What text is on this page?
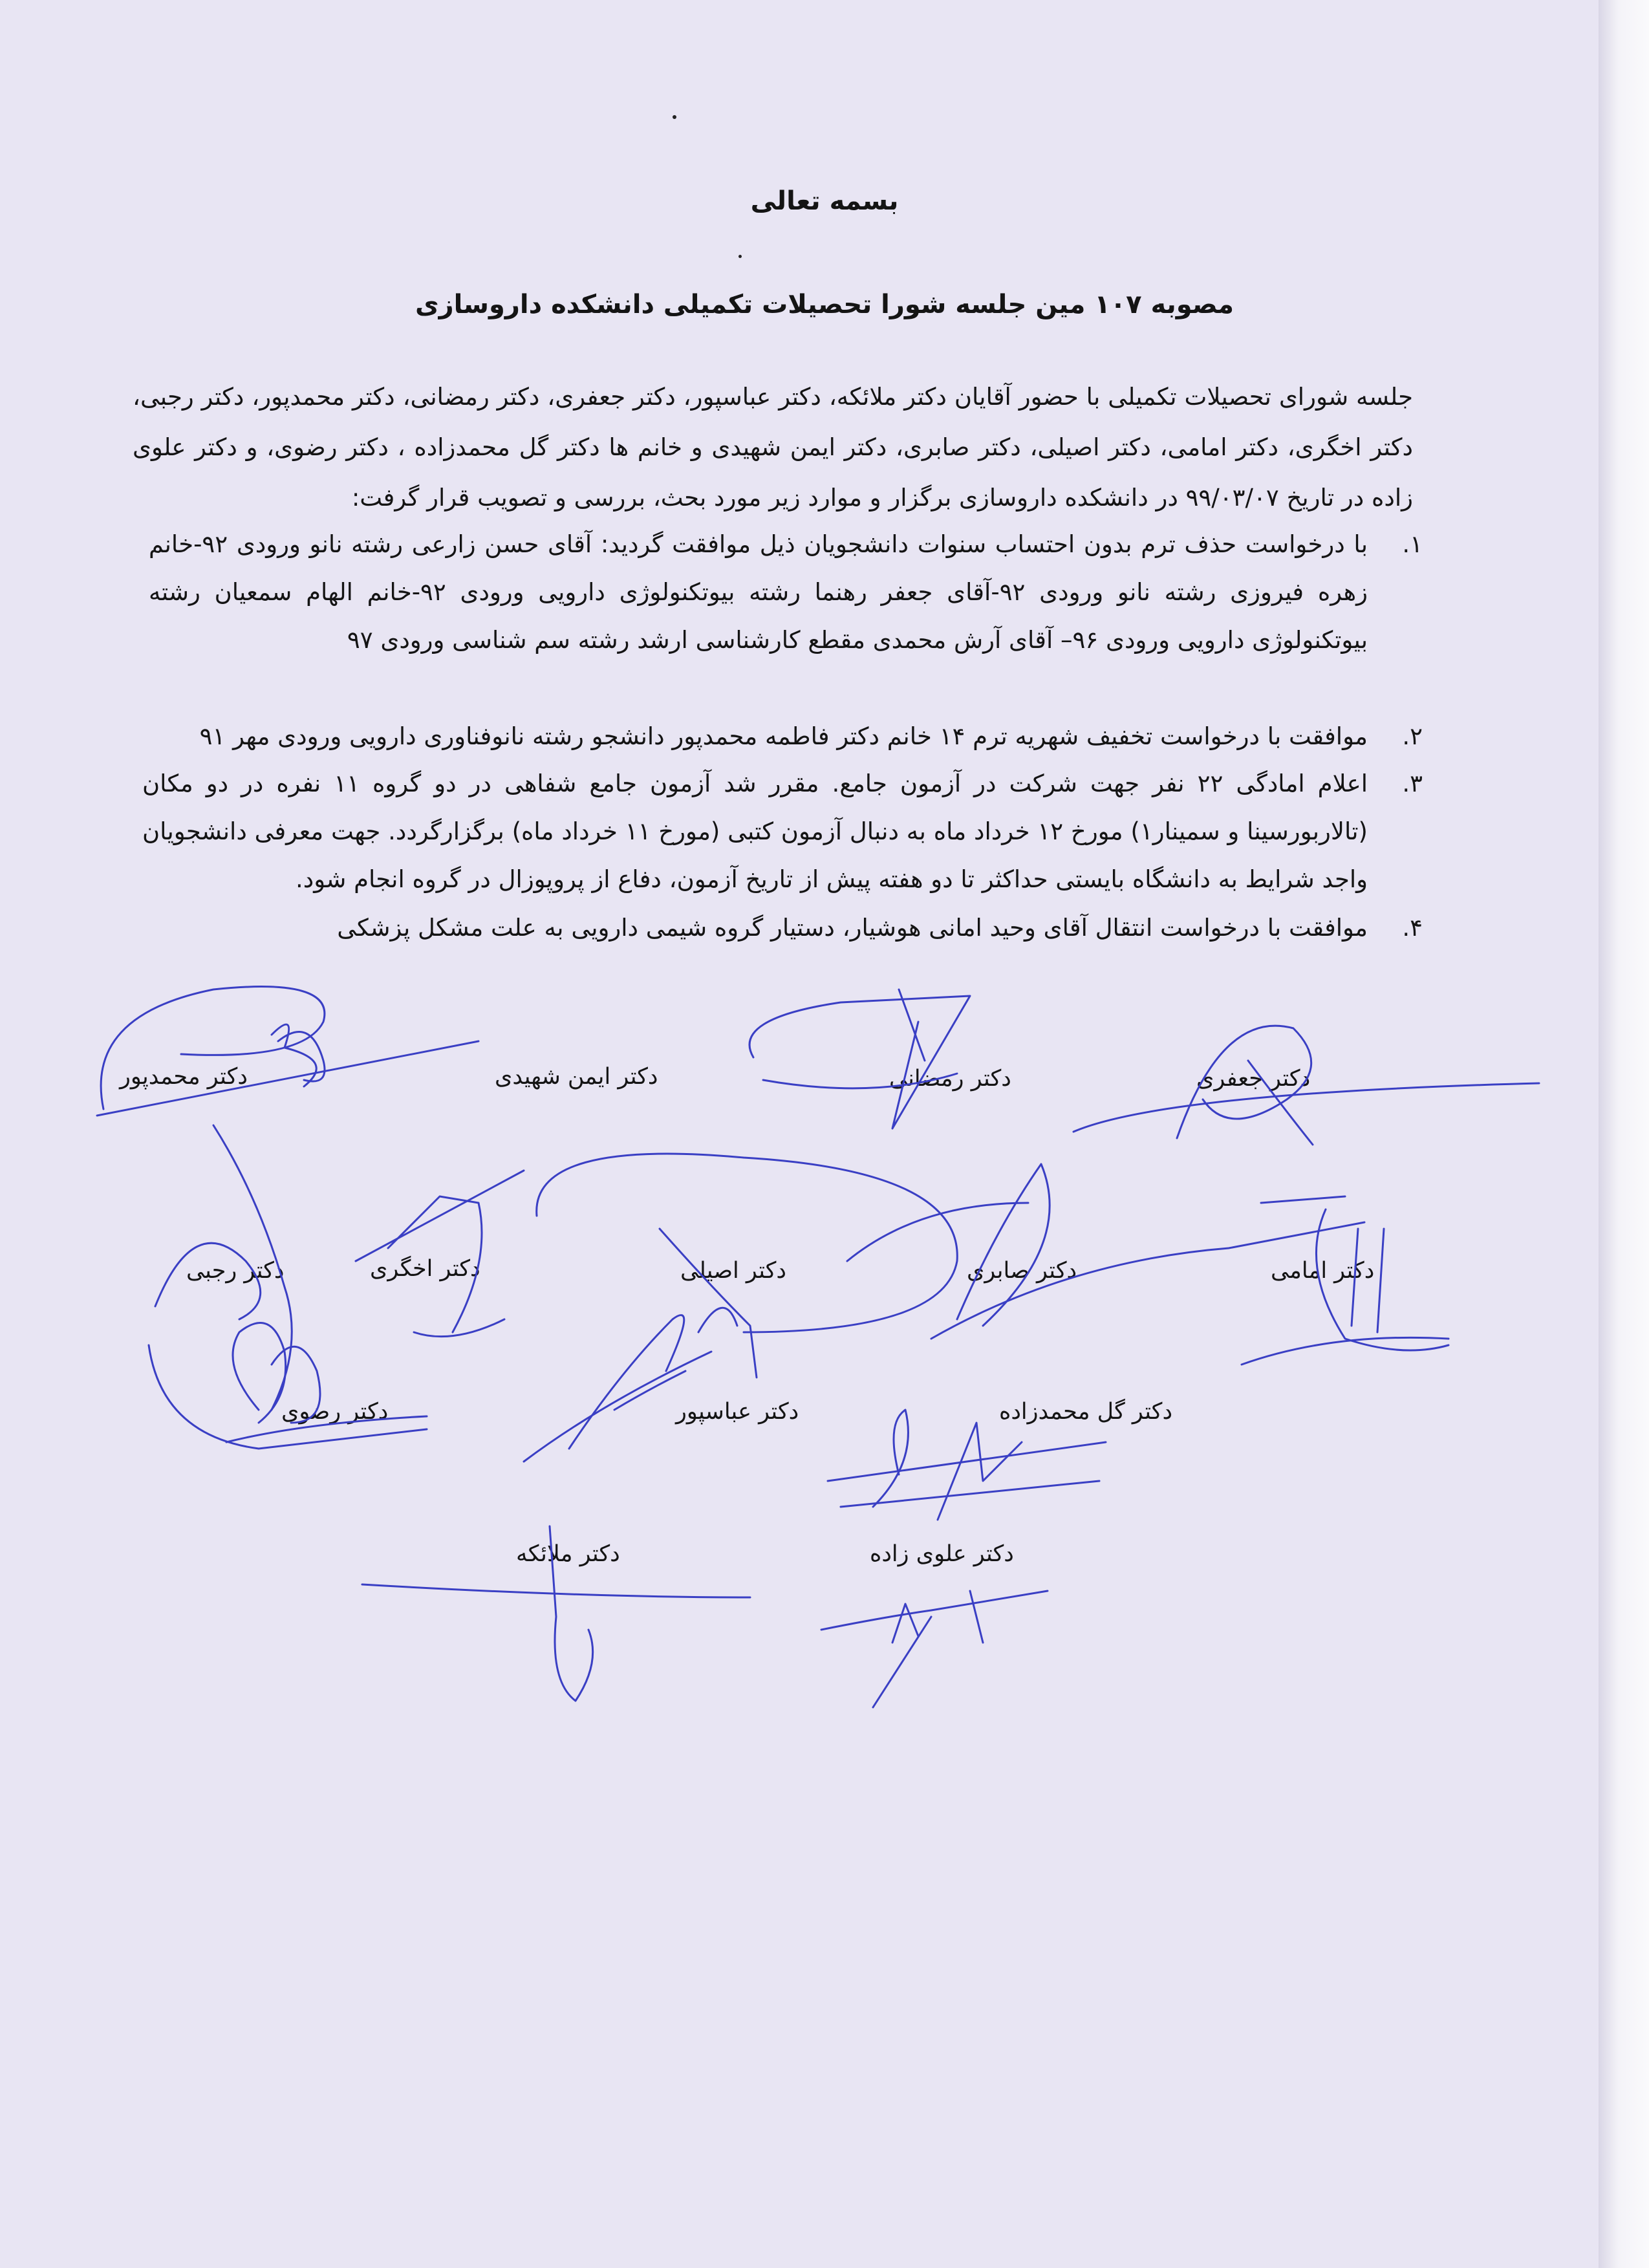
بسمه تعالی
مصوبه ۱۰۷ مین جلسه شورا تحصیلات تکمیلی دانشکده داروسازی
جلسه شورای تحصیلات تکمیلی با حضور آقایان دکتر ملائکه، دکتر عباسپور، دکتر جعفری، دکتر رمضانی، دکتر محمدپور، دکتر رجبی، دکتر اخگری، دکتر امامی، دکتر اصیلی، دکتر صابری، دکتر ایمن شهیدی و خانم ها دکتر گل محمدزاده ، دکتر رضوی، و دکتر علوی زاده در تاریخ ۹۹/۰۳/۰۷ در دانشکده داروسازی برگزار و موارد زیر مورد بحث، بررسی و تصویب قرار گرفت:
۱.
با درخواست حذف ترم بدون احتساب سنوات دانشجویان ذیل موافقت گردید: آقای حسن زارعی رشته نانو ورودی ۹۲-خانم زهره فیروزی رشته نانو ورودی ۹۲-آقای جعفر رهنما رشته بیوتکنولوژی دارویی ورودی ۹۲-خانم الهام سمعیان رشته بیوتکنولوژی دارویی ورودی ۹۶– آقای آرش محمدی مقطع کارشناسی ارشد رشته سم شناسی ورودی ۹۷
۲.
موافقت با درخواست تخفیف شهریه ترم ۱۴ خانم دکتر فاطمه محمدپور دانشجو رشته نانوفناوری دارویی ورودی مهر ۹۱
۳.
اعلام امادگی ۲۲ نفر جهت شرکت در آزمون جامع. مقرر شد آزمون جامع شفاهی در دو گروه ۱۱ نفره در دو مکان (تالاربورسینا و سمینار۱) مورخ ۱۲ خرداد ماه به دنبال آزمون کتبی (مورخ ۱۱ خرداد ماه) برگزارگردد. جهت معرفی دانشجویان واجد شرایط به دانشگاه بایستی حداکثر تا دو هفته پیش از تاریخ آزمون، دفاع از پروپوزال در گروه انجام شود.
۴.
موافقت با درخواست انتقال آقای وحید امانی هوشیار، دستیار گروه شیمی دارویی به علت مشکل پزشکی
دکتر محمدپور	دکتر ایمن شهیدی	دکتر رمضانی	دکتر جعفری
دکتر رجبی	دکتر اخگری	دکتر اصیلی	دکتر صابری	دکتر امامی
دکتر رضوی	دکتر عباسپور	دکتر گل محمدزاده
دکتر ملائکه	دکتر علوی زاده
